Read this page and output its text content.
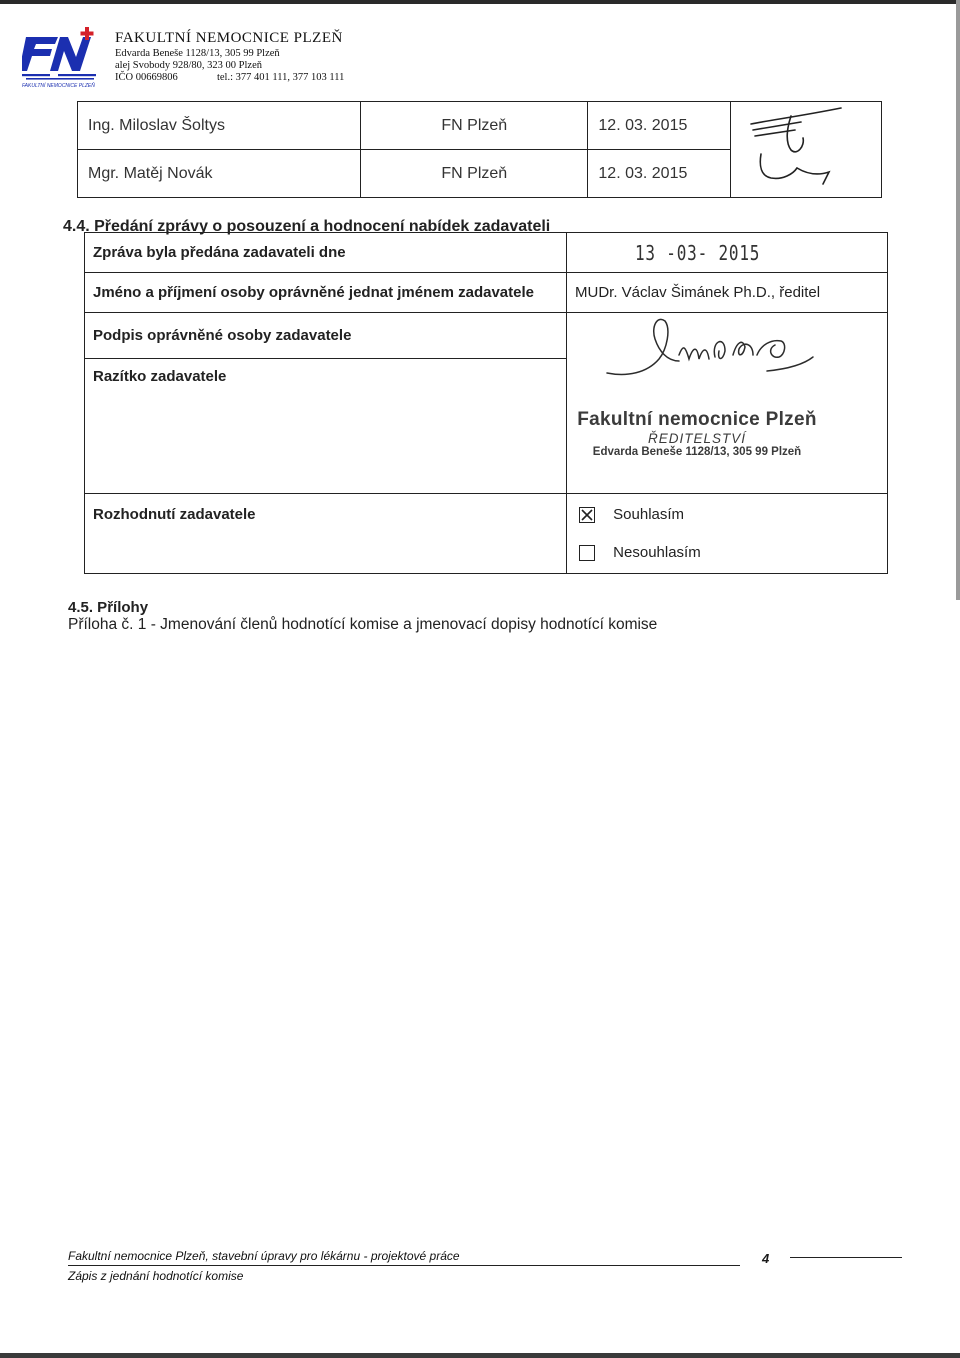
FAKULTNÍ NEMOCNICE PLZEŇ
FAKULTNÍ NEMOCNICE PLZEŇ
Edvarda Beneše 1128/13, 305 99 Plzeň
alej Svobody 928/80, 323 00 Plzeň
IČO 00669806	tel.: 377 401 111, 377 103 111
Ing. Miloslav Šoltys	FN Plzeň	12. 03. 2015	
Mgr. Matěj Novák	FN Plzeň	12. 03. 2015	
4.4. Předání zprávy o posouzení a hodnocení nabídek zadavateli
Zpráva byla předána zadavateli dne	13 -03- 2015
Jméno a příjmení osoby oprávněné jednat jménem zadavatele	MUDr. Václav Šimánek Ph.D., ředitel
Podpis oprávněné osoby zadavatele	Fakultní nemocnice Plzeň
ŘEDITELSTVÍ
Edvarda Beneše 1128/13, 305 99 Plzeň

Razítko zadavatele	
Rozhodnutí zadavatele	Souhlasím
Nesouhlasím
4.5. Přílohy
Příloha č. 1 - Jmenování členů hodnotící komise a jmenovací dopisy hodnotící komise
Fakultní nemocnice Plzeň, stavební úpravy pro lékárnu - projektové práce
Zápis z jednání hodnotící komise
4
